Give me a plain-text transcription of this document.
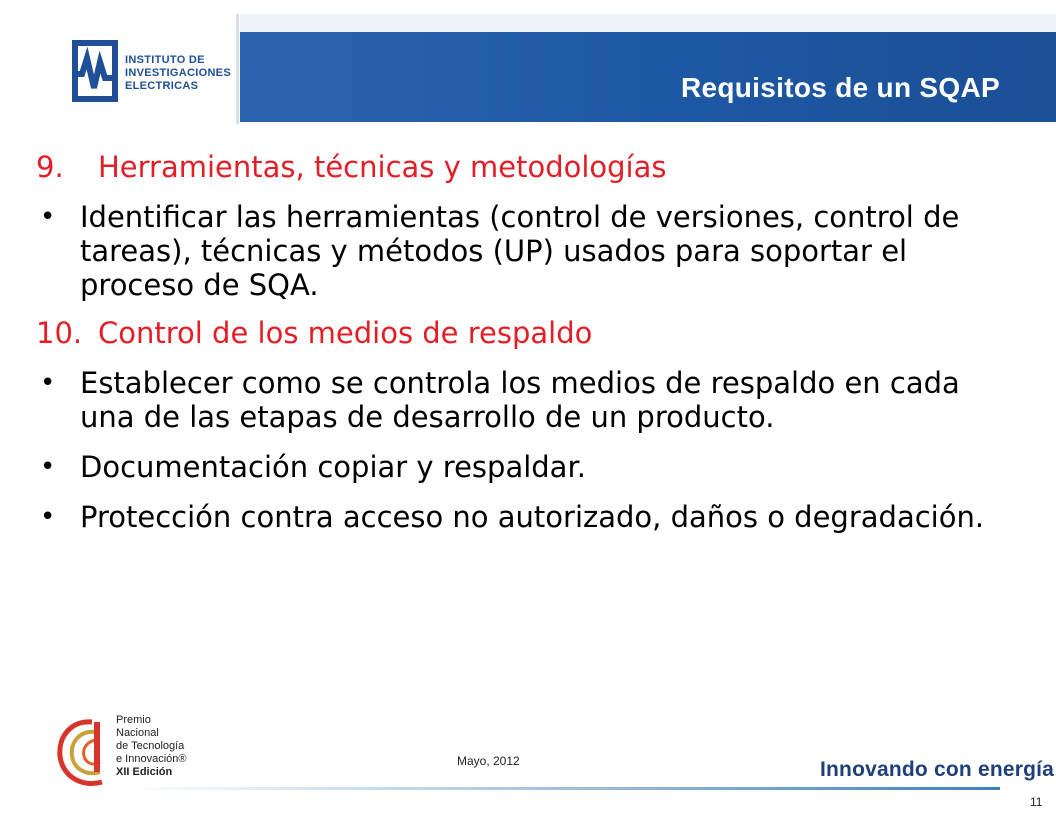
Requisitos de un SQAP
INSTITUTO DE
INVESTIGACIONES
ELECTRICAS
9.	Herramientas, técnicas y metodologías
• Identificar las herramientas (control de versiones, control de tareas), técnicas y métodos (UP) usados para soportar el proceso de SQA.
10. Control de los medios de respaldo
• Establecer como se controla los medios de respaldo en cada una de las etapas de desarrollo de un producto.
• Documentación copiar y respaldar.
• Protección contra acceso no autorizado, daños o degradación.
Premio
Nacional
de Tecnología
e Innovación®
XII Edición
Mayo, 2012	Innovando con energía
11
